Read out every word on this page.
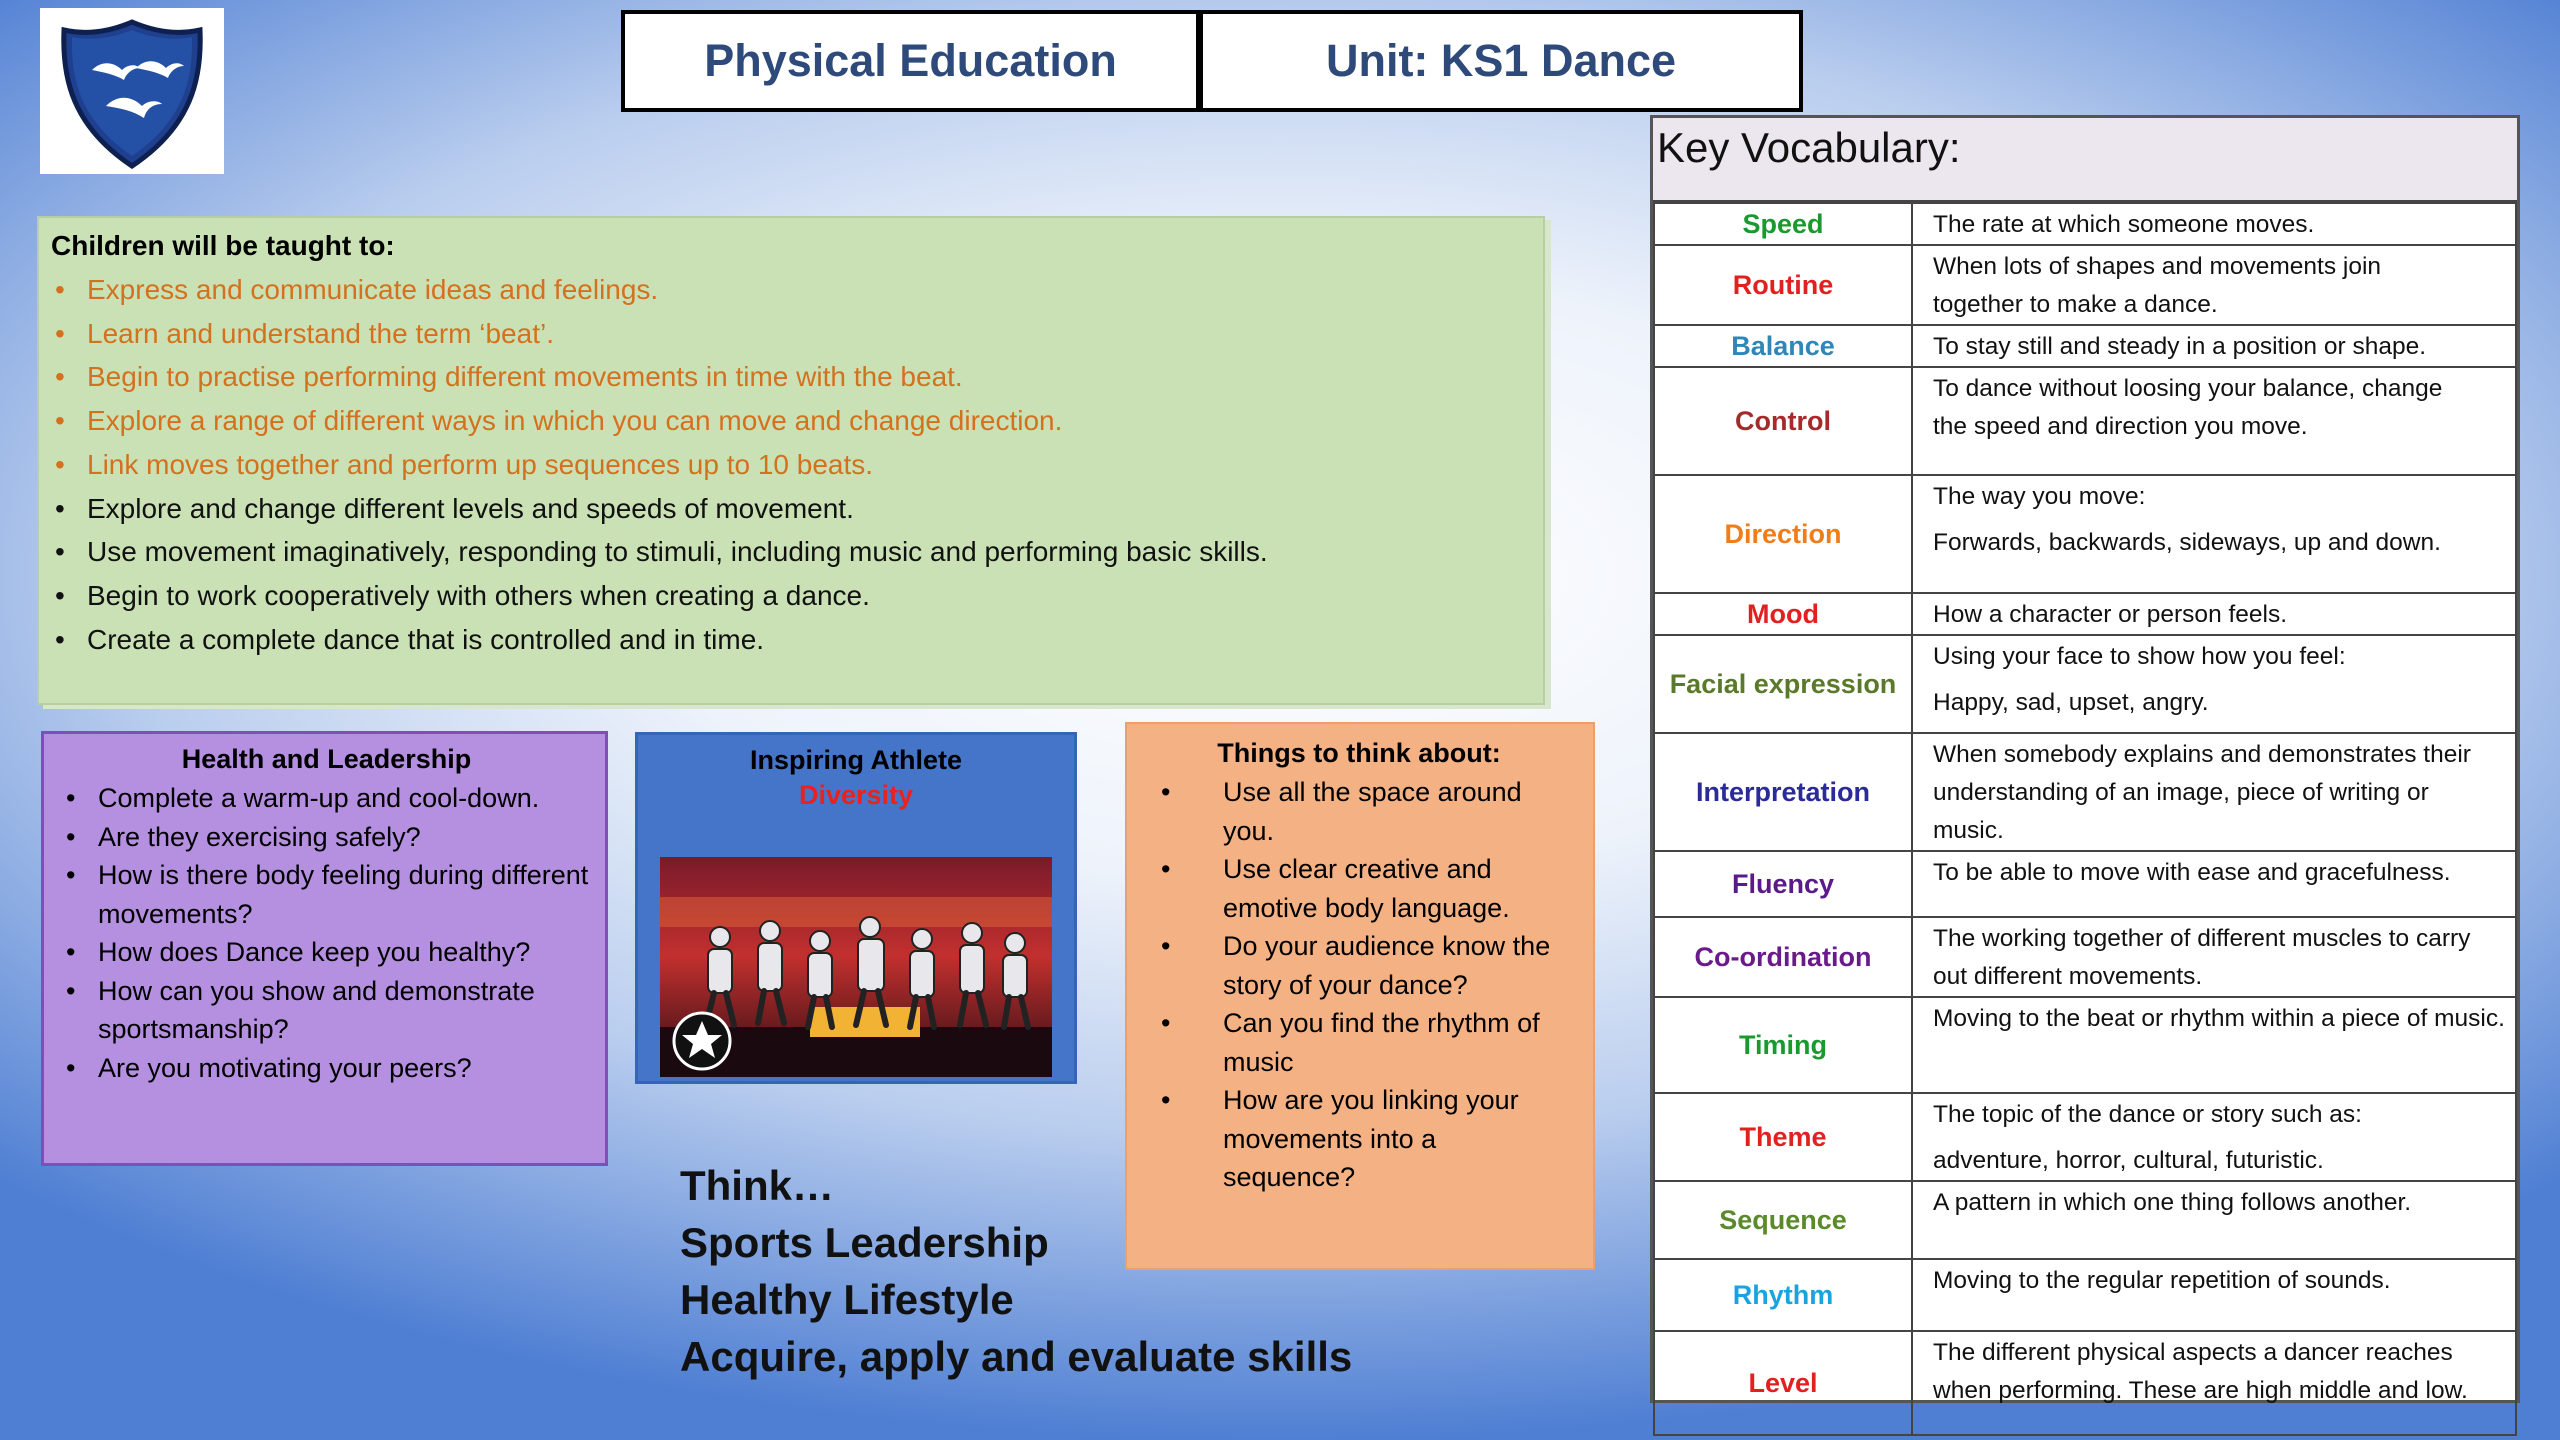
Physical Education	Unit: KS1 Dance
Children will be taught to:
• Express and communicate ideas and feelings.
• Learn and understand the term ‘beat’.
• Begin to practise performing different movements in time with the beat.
• Explore a range of different ways in which you can move and change direction.
• Link moves together and perform up sequences up to 10 beats.
• Explore and change different levels and speeds of movement.
• Use movement imaginatively, responding to stimuli, including music and performing basic skills.
• Begin to work cooperatively with others when creating a dance.
• Create a complete dance that is controlled and in time.
Health and Leadership
• Complete a warm-up and cool-down.
• Are they exercising safely?
• How is there body feeling during different movements?
• How does Dance keep you healthy?
• How can you show and demonstrate sportsmanship?
• Are you motivating your peers?
Inspiring Athlete
Diversity
Things to think about:
• Use all the space around you.
• Use clear creative and emotive body language.
• Do your audience know the story of your dance?
• Can you find the rhythm of music
• How are you linking your movements into a sequence?
Think…
Sports Leadership
Healthy Lifestyle
Acquire, apply and evaluate skills
Key Vocabulary:
Speed	The rate at which someone moves.
Routine	When lots of shapes and movements join
together to make a dance.

Balance	To stay still and steady in a position or shape.
Control	To dance without loosing your balance, change
the speed and direction you move.

Direction	The way you move:
Forwards, backwards, sideways, up and down.

Mood	How a character or person feels.
Facial expression	Using your face to show how you feel:
Happy, sad, upset, angry.

Interpretation	When somebody explains and demonstrates their understanding of an image, piece of writing or music.
Fluency	To be able to move with ease and gracefulness.
Co-ordination	The working together of different muscles to carry out different movements.
Timing	Moving to the beat or rhythm within a piece of music.
Theme	The topic of the dance or story such as:
adventure, horror, cultural, futuristic.

Sequence	A pattern in which one thing follows another.
Rhythm	Moving to the regular repetition of sounds.
Level	The different physical aspects a dancer reaches when performing. These are high middle and low.
